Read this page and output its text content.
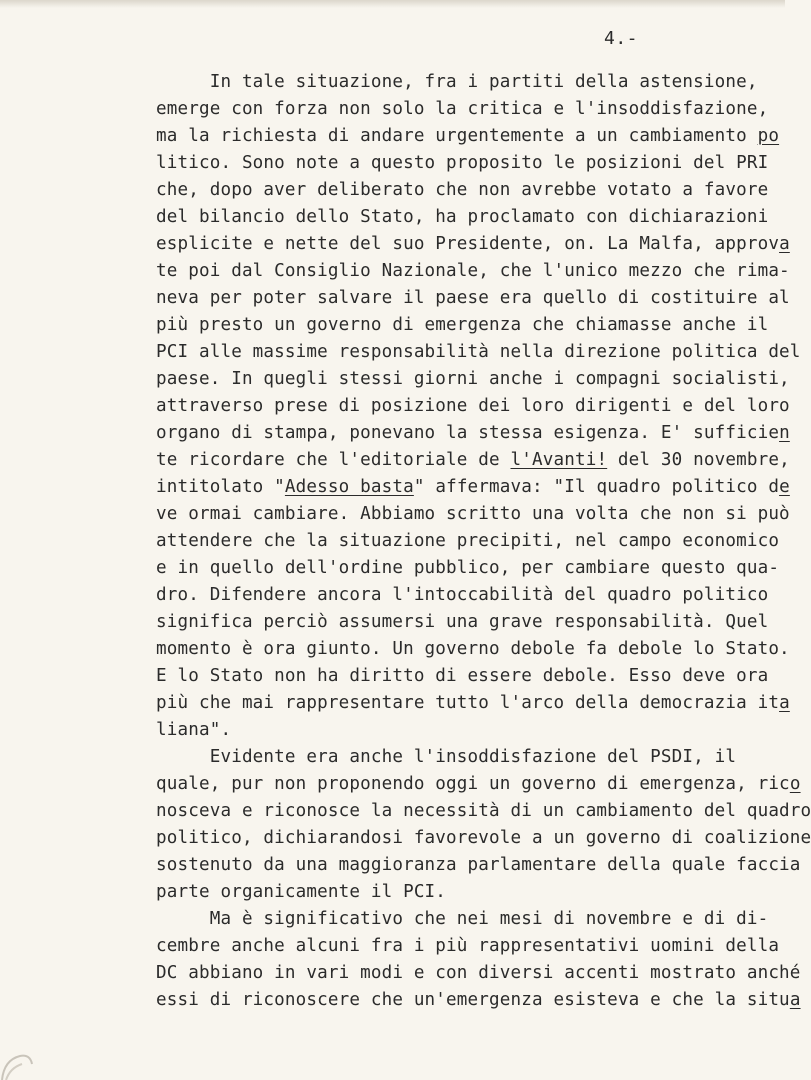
4.-
In tale situazione, fra i partiti della astensione,
emerge con forza non solo la critica e l'insoddisfazione,
ma la richiesta di andare urgentemente a un cambiamento po
litico. Sono note a questo proposito le posizioni del PRI
che, dopo aver deliberato che non avrebbe votato a favore
del bilancio dello Stato, ha proclamato con dichiarazioni
esplicite e nette del suo Presidente, on. La Malfa, approva
te poi dal Consiglio Nazionale, che l'unico mezzo che rima-
neva per poter salvare il paese era quello di costituire al
più presto un governo di emergenza che chiamasse anche il
PCI alle massime responsabilità nella direzione politica del
paese. In quegli stessi giorni anche i compagni socialisti,
attraverso prese di posizione dei loro dirigenti e del loro
organo di stampa, ponevano la stessa esigenza. E' sufficien
te ricordare che l'editoriale de l'Avanti! del 30 novembre,
intitolato "Adesso basta" affermava: "Il quadro politico de
ve ormai cambiare. Abbiamo scritto una volta che non si può
attendere che la situazione precipiti, nel campo economico
e in quello dell'ordine pubblico, per cambiare questo qua-
dro. Difendere ancora l'intoccabilità del quadro politico
significa perciò assumersi una grave responsabilità. Quel
momento è ora giunto. Un governo debole fa debole lo Stato.
E lo Stato non ha diritto di essere debole. Esso deve ora
più che mai rappresentare tutto l'arco della democrazia ita
liana".
Evidente era anche l'insoddisfazione del PSDI, il
quale, pur non proponendo oggi un governo di emergenza, rico
nosceva e riconosce la necessità di un cambiamento del quadro
politico, dichiarandosi favorevole a un governo di coalizione
sostenuto da una maggioranza parlamentare della quale faccia
parte organicamente il PCI.
Ma è significativo che nei mesi di novembre e di di-
cembre anche alcuni fra i più rappresentativi uomini della
DC abbiano in vari modi e con diversi accenti mostrato anché
essi di riconoscere che un'emergenza esisteva e che la situa
